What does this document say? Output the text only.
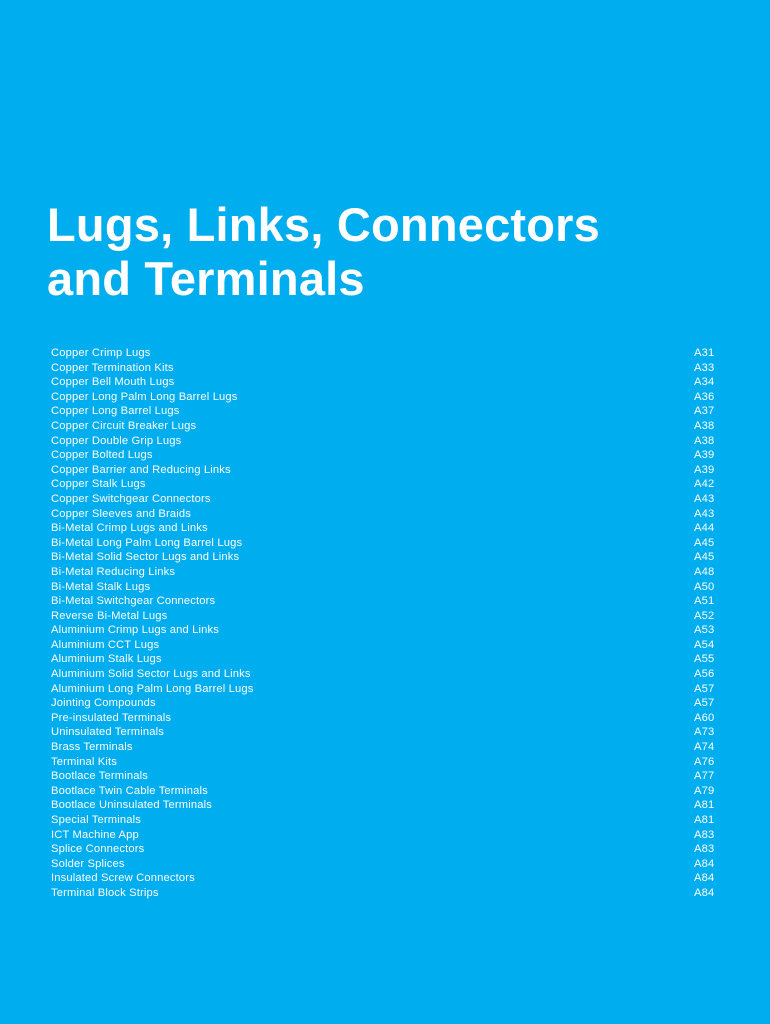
Lugs, Links, Connectors
and Terminals
Copper Crimp Lugs	A31
Copper Termination Kits	A33
Copper Bell Mouth Lugs	A34
Copper Long Palm Long Barrel Lugs	A36
Copper Long Barrel Lugs	A37
Copper Circuit Breaker Lugs	A38
Copper Double Grip Lugs	A38
Copper Bolted Lugs	A39
Copper Barrier and Reducing Links	A39
Copper Stalk Lugs	A42
Copper Switchgear Connectors	A43
Copper Sleeves and Braids	A43
Bi-Metal Crimp Lugs and Links	A44
Bi-Metal Long Palm Long Barrel Lugs	A45
Bi-Metal Solid Sector Lugs and Links	A45
Bi-Metal Reducing Links	A48
Bi-Metal Stalk Lugs	A50
Bi-Metal Switchgear Connectors	A51
Reverse Bi-Metal Lugs	A52
Aluminium Crimp Lugs and Links	A53
Aluminium CCT Lugs	A54
Aluminium Stalk Lugs	A55
Aluminium Solid Sector Lugs and Links	A56
Aluminium Long Palm Long Barrel Lugs	A57
Jointing Compounds	A57
Pre-insulated Terminals	A60
Uninsulated Terminals	A73
Brass Terminals	A74
Terminal Kits	A76
Bootlace Terminals	A77
Bootlace Twin Cable Terminals	A79
Bootlace Uninsulated Terminals	A81
Special Terminals	A81
ICT Machine App	A83
Splice Connectors	A83
Solder Splices	A84
Insulated Screw Connectors	A84
Terminal Block Strips	A84
